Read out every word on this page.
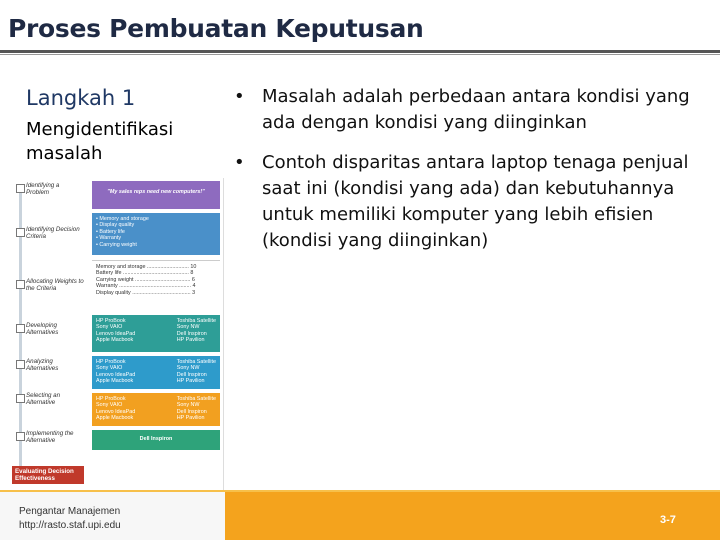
Proses Pembuatan Keputusan
Langkah 1
Mengidentifikasi masalah
• Masalah adalah perbedaan antara kondisi yang ada dengan kondisi yang diinginkan
• Contoh disparitas antara laptop tenaga penjual saat ini (kondisi yang ada) dan kebutuhannya untuk memiliki komputer yang lebih efisien (kondisi yang diinginkan)
Identifying a Problem
Identifying Decision Criteria
Allocating Weights to the Criteria
Developing Alternatives
Analyzing Alternatives
Selecting an Alternative
Implementing the Alternative
Evaluating Decision Effectiveness
"My sales reps need new computers!"
• Memory and storage
• Display quality
• Battery life
• Warranty
• Carrying weight
Memory and storage ............................ 10
Battery life ............................................ 8
Carrying weight ..................................... 6
Warranty ................................................ 4
Display quality ....................................... 3
HP ProBook
Sony VAIO
Lenovo IdeaPad
Apple Macbook
Toshiba Satellite
Sony NW
Dell Inspiron
HP Pavilion
HP ProBook
Sony VAIO
Lenovo IdeaPad
Apple Macbook
Toshiba Satellite
Sony NW
Dell Inspiron
HP Pavilion
HP ProBook
Sony VAIO
Lenovo IdeaPad
Apple Macbook
Toshiba Satellite
Sony NW
Dell Inspiron
HP Pavilion
Dell Inspiron
Pengantar Manajemen
http://rasto.staf.upi.edu	3-7
